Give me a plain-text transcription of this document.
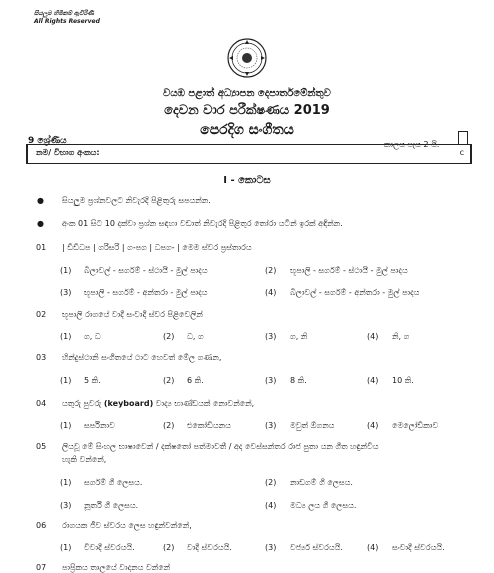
සියලුම හිමිකම් ඇවිරිණි
All Rights Reserved
වයඹ පළාත් අධ්‍යාපන දෙපාර්තමේන්තුව
දෙවන වාර පරීක්ෂණය 2019
පෙරදිග සංගීතය
9 ශ්‍රේණිය	කාලය පැය 2 යි.
නම/ විභාග අංකය:	c
I - කොටස
● සියලුම ප්‍රශ්නවලට නිවැරදි පිළිතුරු සපයන්න.
● අංක 01 සිට 10 දක්වා ප්‍රශ්න සඳහා වඩාත් නිවැරදි පිළිතුර තෝරා යටින් ඉරක් අඳින්න.
01 | ඩීඩීධප | ගරිසරි | ග-පග | ධපග- | මෙම ස්වර ප්‍රස්තාරය
(1) බිලාවල් - සර්ගම් - ස්ථායී - මුල් පාදය	(2) භූපාලි - සර්ගම් - ස්ථායී - මුල් පාදය
(3) භූපාලි - සර්ගම් - අන්තරා - මුල් පාදය	(4) බිලාවල් - සර්ගම් - අන්තරා - මුල් පාදය
02 භූපාලි රාගයේ වාදී සංවාදී ස්වර පිළිවෙලින්
(1) ග, ධ	(2) ධ, ග	(3) ග, නි	(4) නි, ග
03 හින්දුස්ථානි සංගීතයේ ථාට හෙවත් මේල ගණන,
(1) 5 කි.	(2) 6 කි.	(3) 8 කි.	(4) 10 කි.
04 යතුරු පුවරු (keyboard) වාද්‍ය භාණ්ඩයක් නොවන්නේ,
(1) සර්පිනාව	(2) එකෝඩියනය	(3) මවුත් ඕගනය	(4) මෙලෝඩිකාව
05 ලියවූ මේ සිංහල භාෂාවෙන් / දක්ෂතෝ පත්මාවතී / අද වෙස්සන්තර රාජ පුතා යන ගීත හඳුන්විය
හැකි වන්නේ,
(1) සර්ගම් ගී ලෙසය.	(2) නාඩගම් ගී ලෙසය.
(3) නූර්ති ගී ලෙසය.	(4) මධ්‍ය ලය ගී ලෙසය.
06 රාගයක ජීව ස්වරය ලෙස හඳුන්වන්නේ,
(1) විවාදී ස්වරයයි.	(2) වාදී ස්වරයයි.	(3) වර්ජ්‍ය ස්වරයයි.	(4) සංවාදී ස්වරයයි.
07 පාප්‍රිකය තාලයේ වාදනය වන්නේ
